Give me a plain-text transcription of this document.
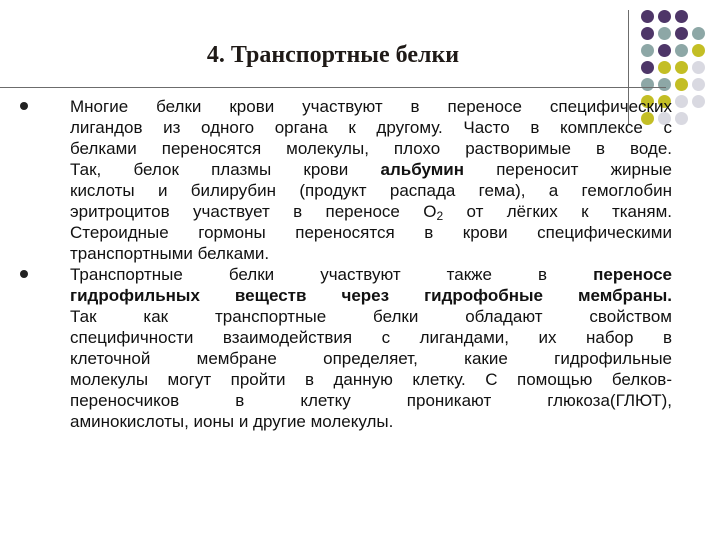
4. Транспортные белки
Многие белки крови участвуют в переносе специфических
лигандов из одного органа к другому. Часто в комплексе с
белками переносятся молекулы, плохо растворимые в воде.
Так, белок плазмы крови альбумин переносит жирные
кислоты и билирубин (продукт распада гема), а гемоглобин
эритроцитов участвует в переносе $О_2$ от лёгких к тканям.
Стероидные гормоны переносятся в крови специфическими
транспортными белками.
Транспортные белки участвуют также в переносе
гидрофильных веществ через гидрофобные мембраны.
Так как транспортные белки обладают свойством
специфичности взаимодействия с лигандами, их набор в
клеточной мембране определяет, какие гидрофильные
молекулы могут пройти в данную клетку. С помощью белков-
переносчиков в клетку проникают глюкоза(ГЛЮТ),
аминокислоты, ионы и другие молекулы.
